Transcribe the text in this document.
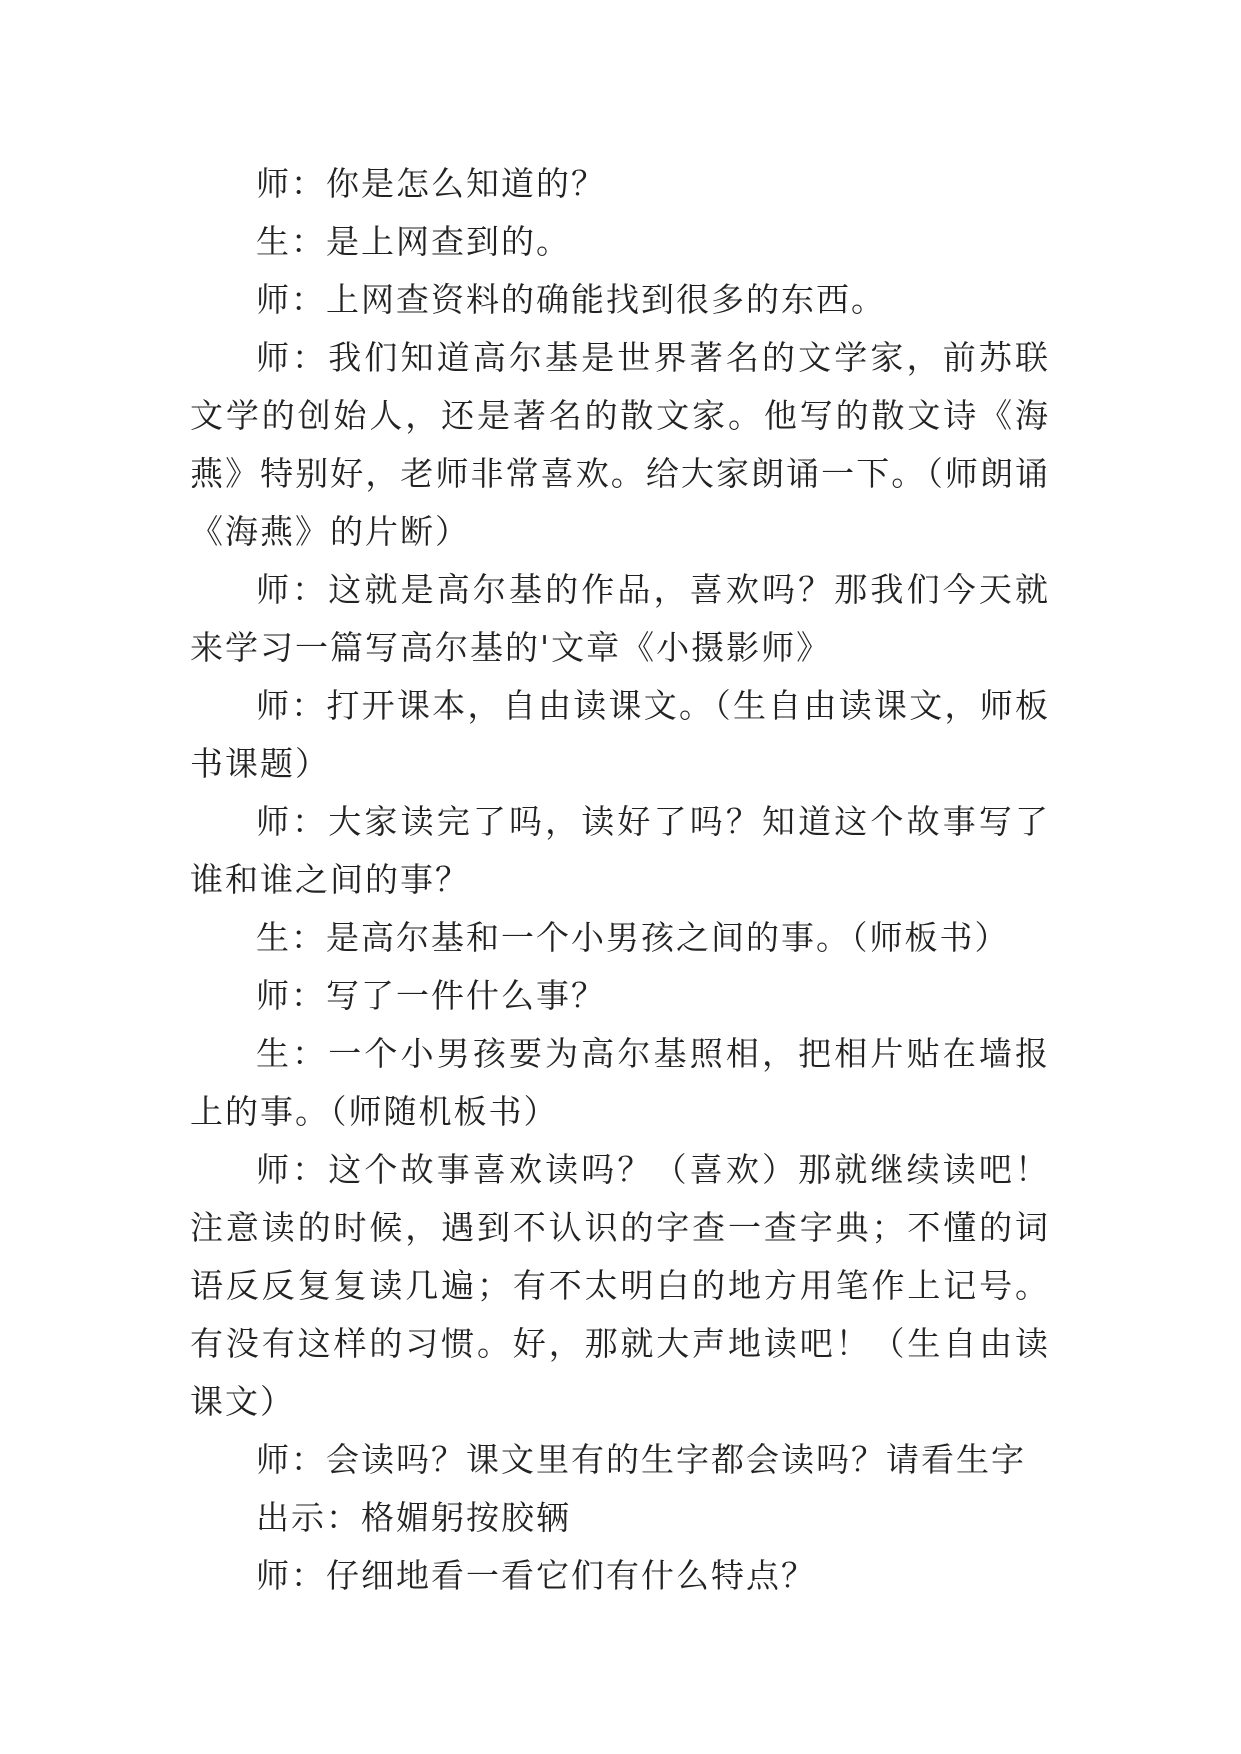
师：你是怎么知道的？

生：是上网查到的。

师：上网查资料的确能找到很多的东西。

师：我们知道高尔基是世界著名的文学家，前苏联文学的创始人，还是著名的散文家。他写的散文诗《海燕》特别好，老师非常喜欢。给大家朗诵一下。（师朗诵《海燕》的片断）

师：这就是高尔基的作品，喜欢吗？那我们今天就来学习一篇写高尔基的'文章《小摄影师》

师：打开课本，自由读课文。（生自由读课文，师板书课题）

师：大家读完了吗，读好了吗？知道这个故事写了谁和谁之间的事？

生：是高尔基和一个小男孩之间的事。（师板书）

师：写了一件什么事？

生：一个小男孩要为高尔基照相，把相片贴在墙报上的事。（师随机板书）

师：这个故事喜欢读吗？（喜欢）那就继续读吧！注意读的时候，遇到不认识的字查一查字典；不懂的词语反反复复读几遍；有不太明白的地方用笔作上记号。有没有这样的习惯。好，那就大声地读吧！（生自由读课文）

师：会读吗？课文里有的生字都会读吗？请看生字

出示：格媚躬按胶辆

师：仔细地看一看它们有什么特点？
